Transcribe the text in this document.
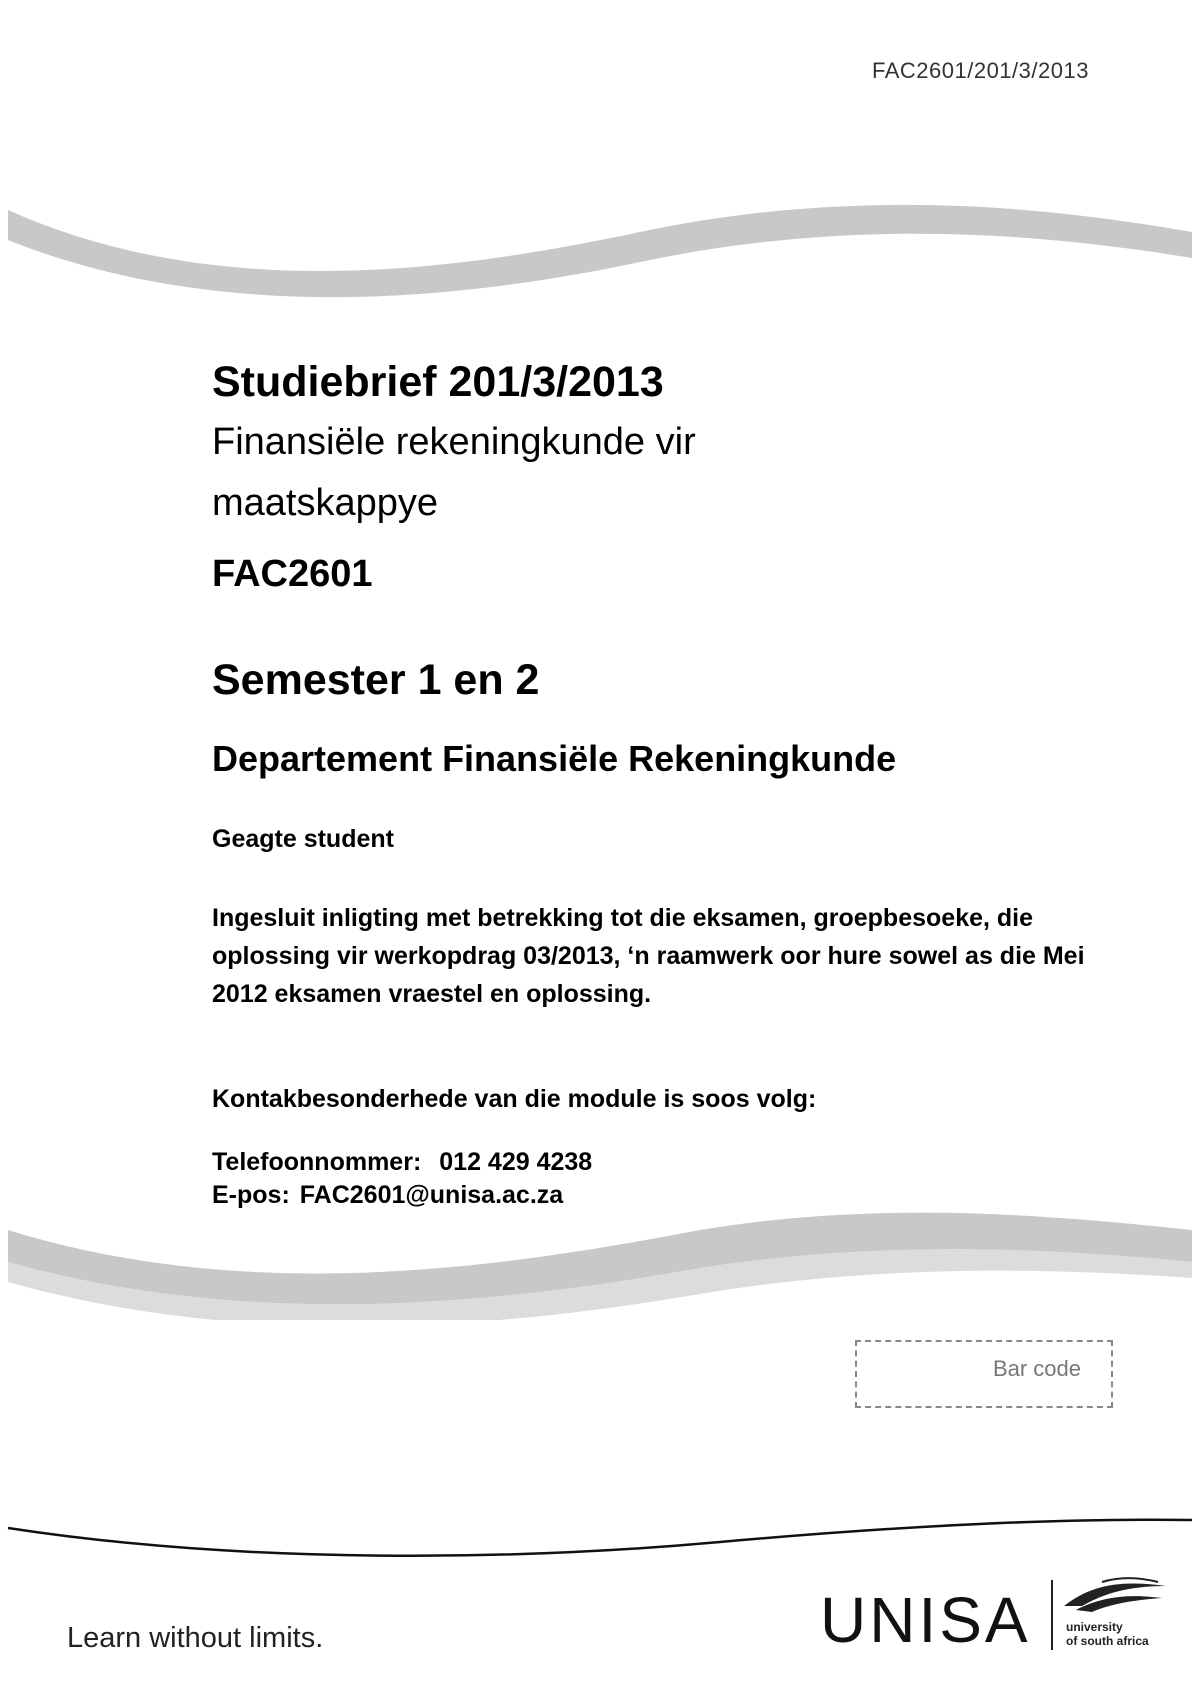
FAC2601/201/3/2013
Studiebrief 201/3/2013
Finansiële rekeningkunde vir maatskappye
FAC2601
Semester 1 en 2
Departement Finansiële Rekeningkunde
Geagte student
Ingesluit inligting met betrekking tot die eksamen, groepbesoeke, die oplossing vir werkopdrag 03/2013, ‘n raamwerk oor hure sowel as die Mei 2012 eksamen vraestel en oplossing.
Kontakbesonderhede van die module is soos volg:
Telefoonnommer: 012 429 4238
E-pos: FAC2601@unisa.ac.za
Bar code
Learn without limits.	UNISA	university
of south africa
